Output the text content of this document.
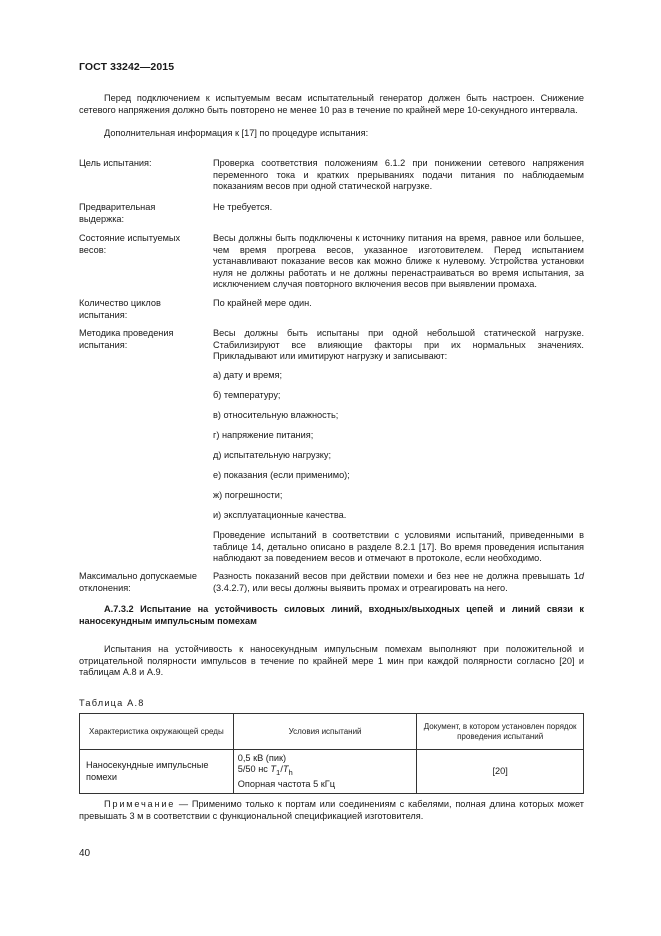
ГОСТ 33242—2015
Перед подключением к испытуемым весам испытательный генератор должен быть настроен. Снижение сетевого напряжения должно быть повторено не менее 10 раз в течение по крайней мере 10-секундного интервала.
Дополнительная информация к [17] по процедуре испытания:
Цель испытания:	Проверка соответствия положениям 6.1.2 при понижении сетевого напряжения переменного тока и кратких прерываниях подачи питания по наблюдаемым показаниям весов при одной статической нагрузке.
Предварительная выдержка:
Не требуется.
Состояние испытуемых весов:
Весы должны быть подключены к источнику питания на время, равное или большее, чем время прогрева весов, указанное изготовителем. Перед испытанием устанавливают показание весов как можно ближе к нулевому. Устройства установки нуля не должны работать и не должны перенастраиваться во время испытания, за исключением случая повторного включения весов при выявлении промаха.
Количество циклов испытания:
По крайней мере один.
Методика проведения испытания:
Весы должны быть испытаны при одной небольшой статической нагрузке. Стабилизируют все влияющие факторы при их нормальных значениях. Прикладывают или имитируют нагрузку и записывают:
а) дату и время;
б) температуру;
в) относительную влажность;
г) напряжение питания;
д) испытательную нагрузку;
е) показания (если применимо);
ж) погрешности;
и) эксплуатационные качества.
Проведение испытаний в соответствии с условиями испытаний, приведенными в таблице 14, детально описано в разделе 8.2.1 [17]. Во время проведения испытания наблюдают за поведением весов и отмечают в протоколе, если необходимо.
Максимально допускаемые отклонения:
Разность показаний весов при действии помехи и без нее не должна превышать 1d (3.4.2.7), или весы должны выявить промах и отреагировать на него.
А.7.3.2 Испытание на устойчивость силовых линий, входных/выходных цепей и линий связи к наносекундным импульсным помехам
Испытания на устойчивость к наносекундным импульсным помехам выполняют при положительной и отрицательной полярности импульсов в течение по крайней мере 1 мин при каждой полярности согласно [20] и таблицам А.8 и А.9.
Таблица А.8
Характеристика окружающей среды	Условия испытаний	Документ, в котором установлен порядок проведения испытаний
Наносекундные импульсные помехи	0,5 кВ (пик)
5/50 нс $T_1/T_h$
Опорная частота 5 кГц	[20]
Примечание — Применимо только к портам или соединениям с кабелями, полная длина которых может превышать 3 м в соответствии с функциональной спецификацией изготовителя.
40
